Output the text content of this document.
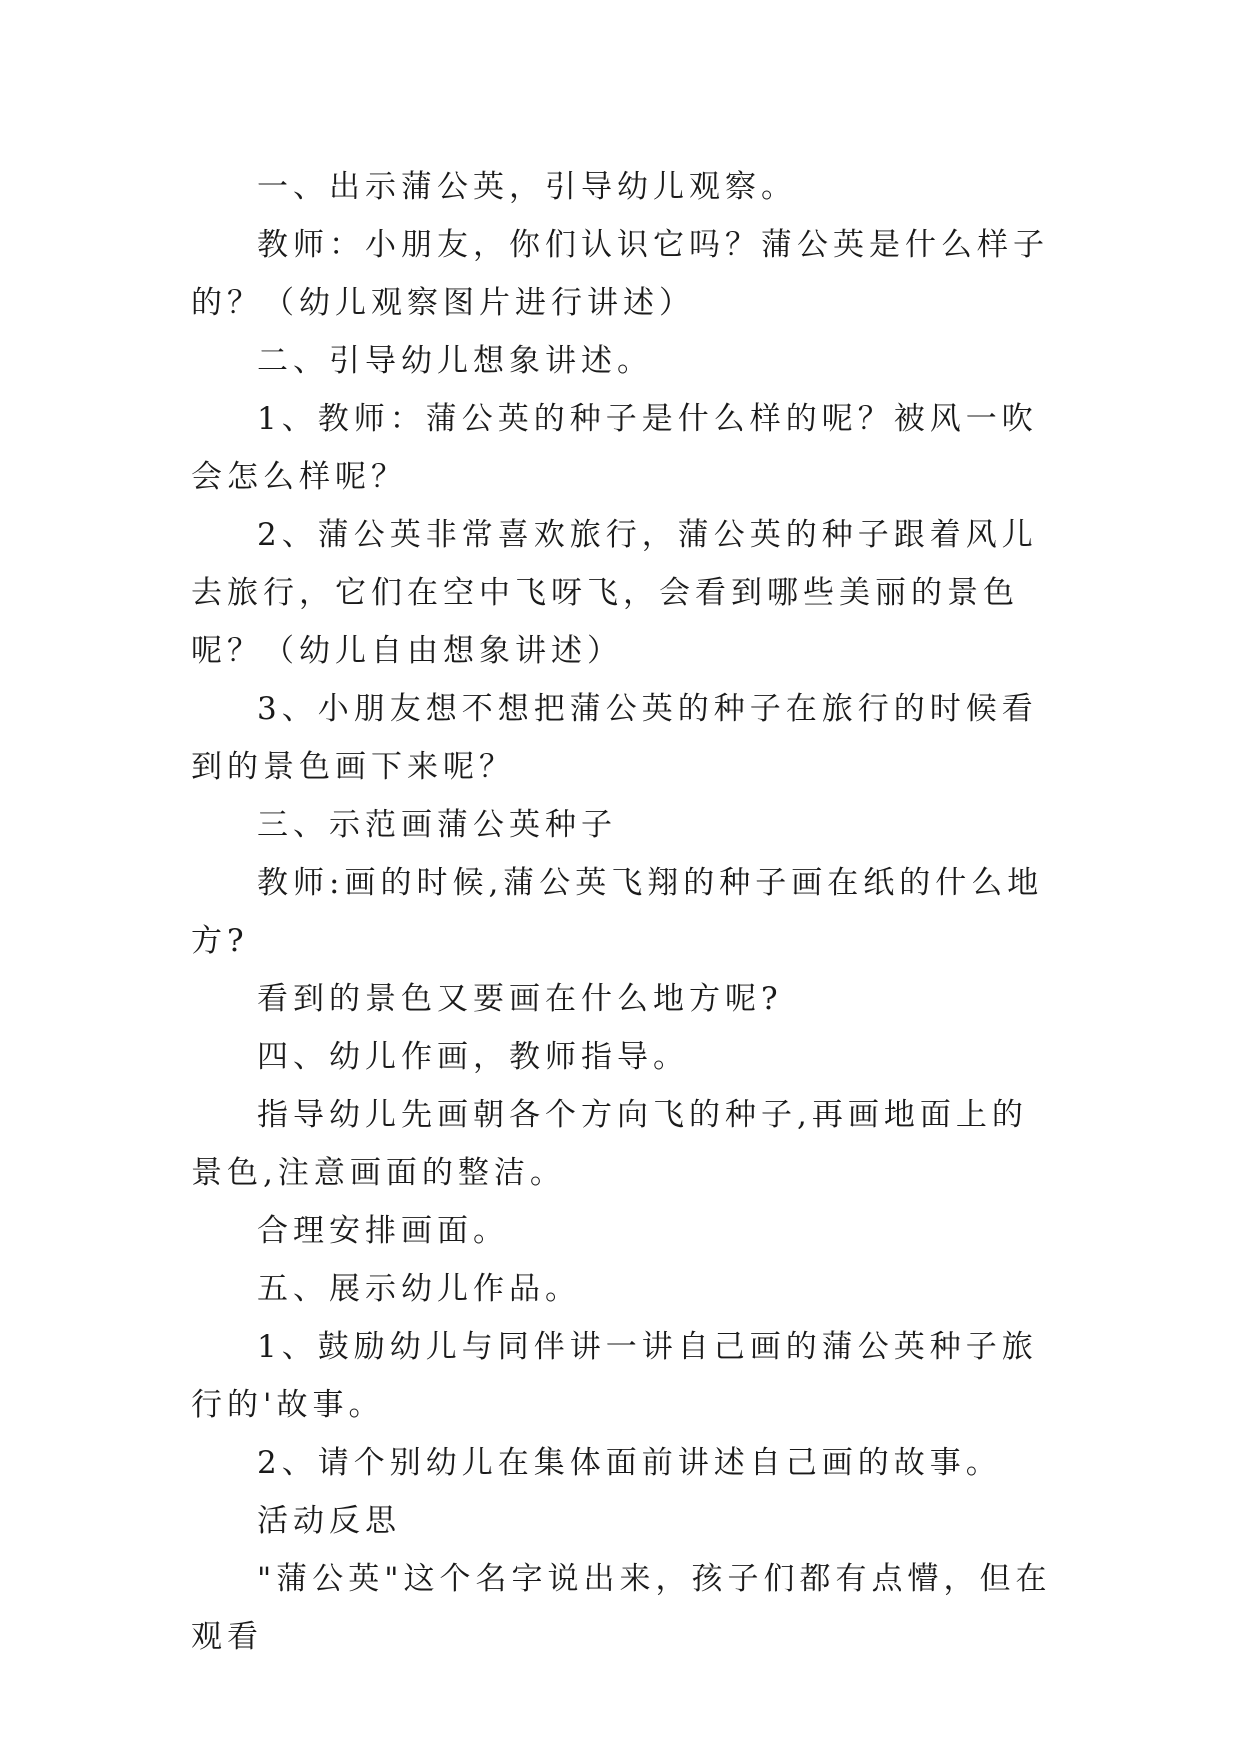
一、出示蒲公英，引导幼儿观察。

教师：小朋友，你们认识它吗？蒲公英是什么样子的？（幼儿观察图片进行讲述）

二、引导幼儿想象讲述。

1、教师：蒲公英的种子是什么样的呢？被风一吹会怎么样呢？

2、蒲公英非常喜欢旅行，蒲公英的种子跟着风儿去旅行，它们在空中飞呀飞，会看到哪些美丽的景色呢？（幼儿自由想象讲述）

3、小朋友想不想把蒲公英的种子在旅行的时候看到的景色画下来呢？

三、示范画蒲公英种子

教师:画的时候,蒲公英飞翔的种子画在纸的什么地方?

看到的景色又要画在什么地方呢?

四、幼儿作画，教师指导。

指导幼儿先画朝各个方向飞的种子,再画地面上的景色,注意画面的整洁。

合理安排画面。

五、展示幼儿作品。

1、鼓励幼儿与同伴讲一讲自己画的蒲公英种子旅行的'故事。

2、请个别幼儿在集体面前讲述自己画的故事。

活动反思

"蒲公英"这个名字说出来，孩子们都有点懵，但在观看
